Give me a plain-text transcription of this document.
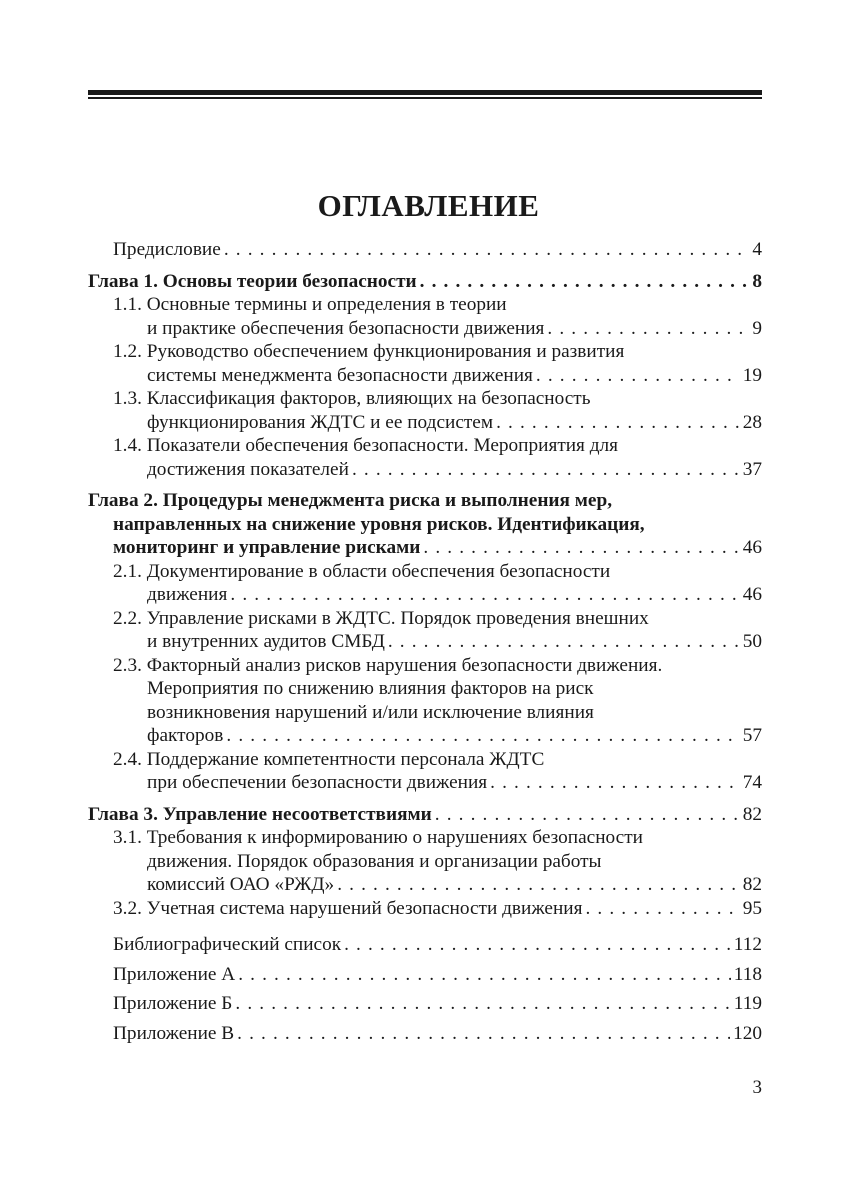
ОГЛАВЛЕНИЕ
Предисловие . . .	4
Глава 1. Основы теории безопасности . . .	8
1.1. Основные термины и определения в теории
и практике обеспечения безопасности движения . . .	9
1.2. Руководство обеспечением функционирования и развития
системы менеджмента безопасности движения . . .	19
1.3. Классификация факторов, влияющих на безопасность
функционирования ЖДТС и ее подсистем . . .	28
1.4. Показатели обеспечения безопасности. Мероприятия для
достижения показателей . . .	37
Глава 2. Процедуры менеджмента риска и выполнения мер,
направленных на снижение уровня рисков. Идентификация,
мониторинг и управление рисками . . .	46
2.1. Документирование в области обеспечения безопасности
движения . . .	46
2.2. Управление рисками в ЖДТС. Порядок проведения внешних
и внутренних аудитов СМБД . . .	50
2.3. Факторный анализ рисков нарушения безопасности движения.
Мероприятия по снижению влияния факторов на риск
возникновения нарушений и/или исключение влияния
факторов . . .	57
2.4. Поддержание компетентности персонала ЖДТС
при обеспечении безопасности движения . . .	74
Глава 3. Управление несоответствиями . . .	82
3.1. Требования к информированию о нарушениях безопасности
движения. Порядок образования и организации работы
комиссий ОАО «РЖД» . . .	82
3.2. Учетная система нарушений безопасности движения . . .	95
Библиографический список . . .	112
Приложение А . . .	118
Приложение Б . . .	119
Приложение В . . .	120
3
